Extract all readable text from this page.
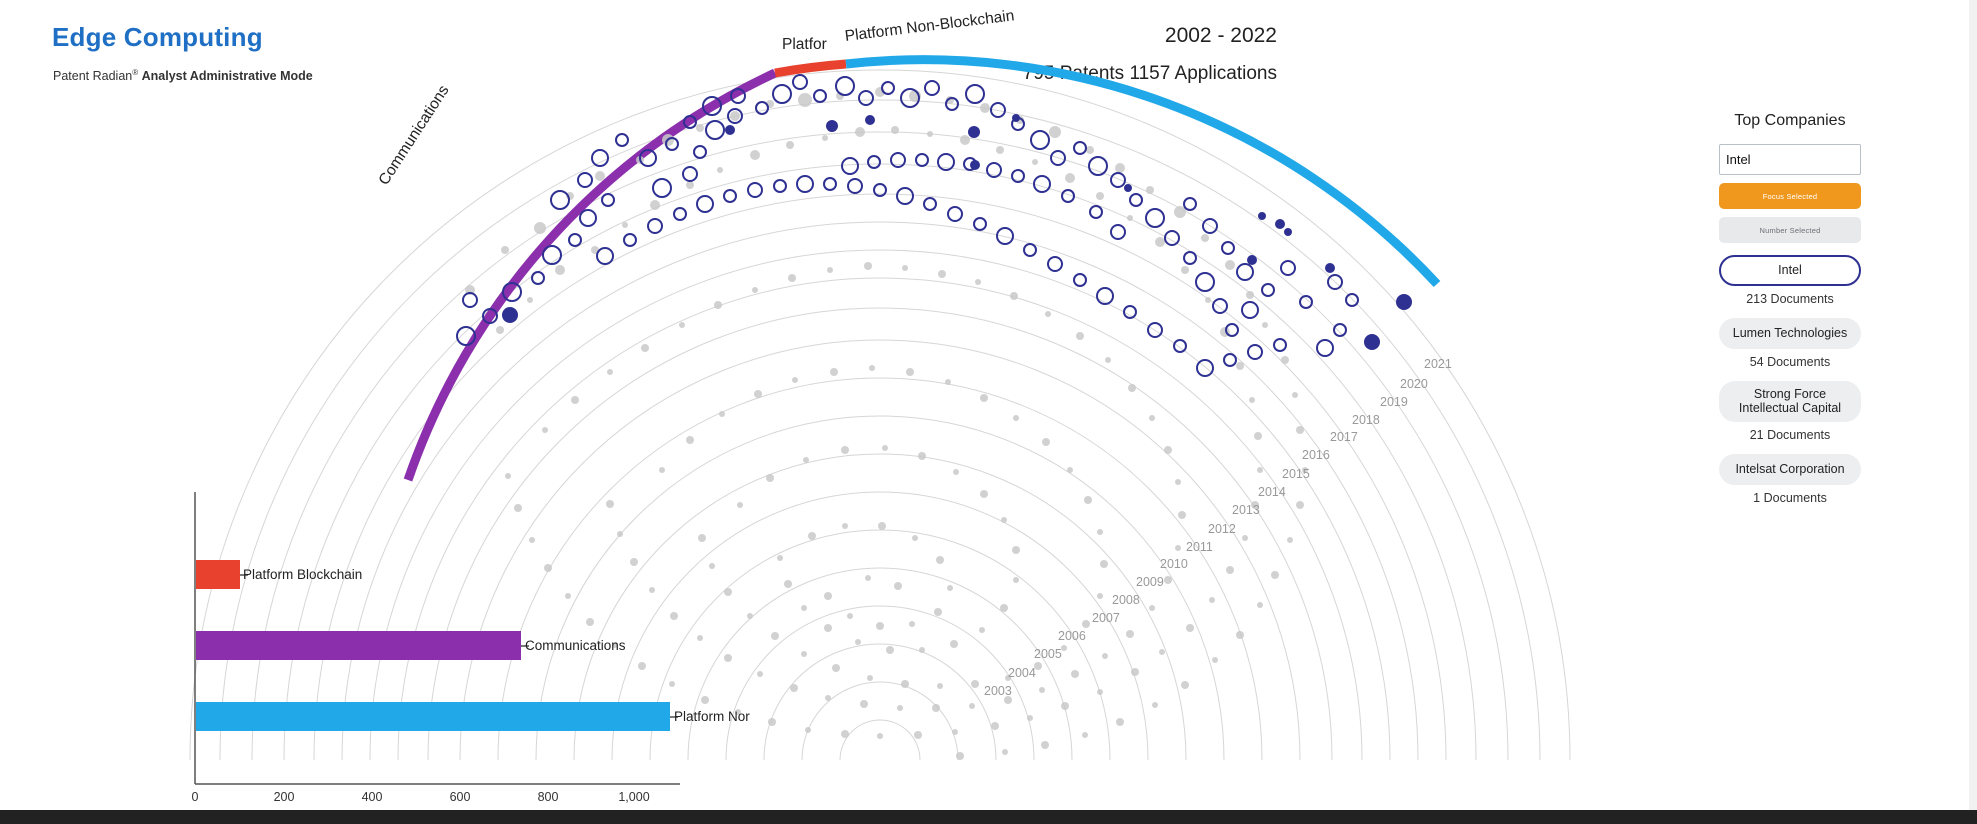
Edge Computing
Patent Radian® Analyst Administrative Mode
2002 - 2022
795 Patents 1157 Applications
2021
2020
2019
2018
2017
2016
2015
2014
2013
2012
2011
2010
2009
2008
2007
2006
2005
2004
2003
Platfor Platform Non-Blockchain
Communications
Platform Blockchain
Communications
Platform Nor
0	200	400	600	800	1,000
Top Companies
Intel
Focus Selected
Number Selected
Intel
213 Documents
Lumen Technologies
54 Documents
Strong Force Intellectual Capital
21 Documents
Intelsat Corporation
1 Documents
